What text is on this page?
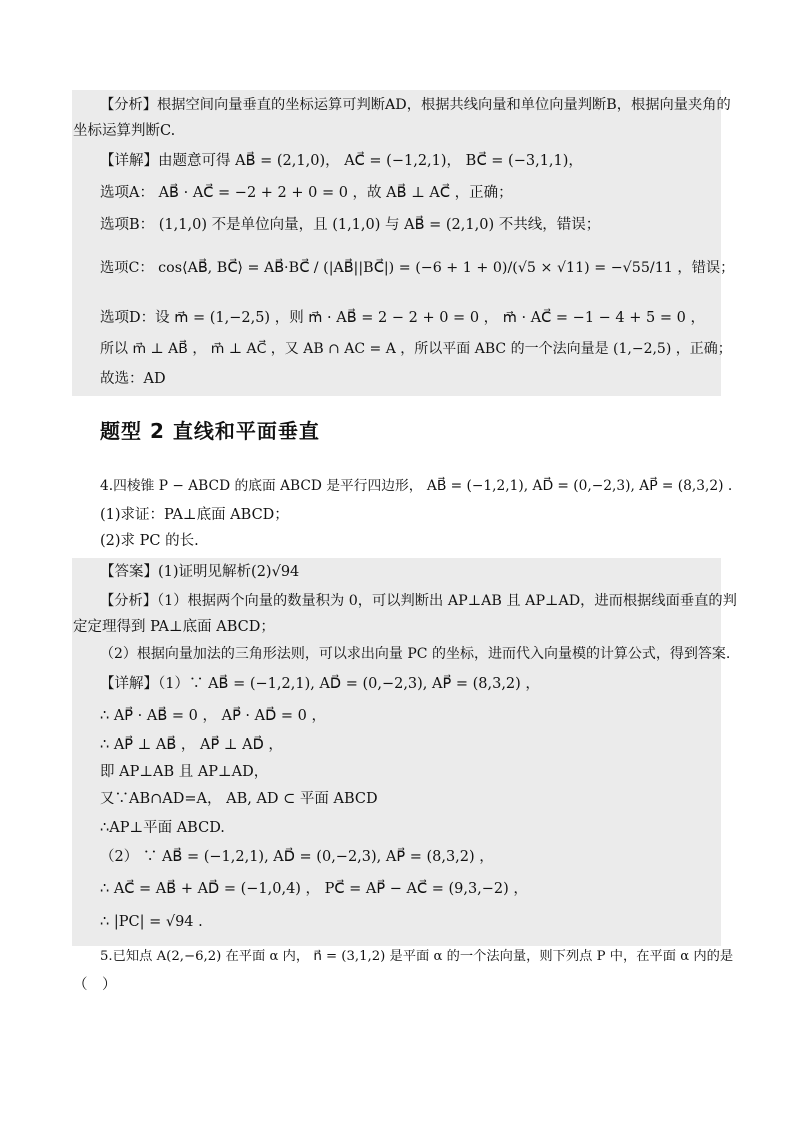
【分析】根据空间向量垂直的坐标运算可判断AD，根据共线向量和单位向量判断B，根据向量夹角的
坐标运算判断C.
【详解】由题意可得 AB⃗ = (2,1,0)， AC⃗ = (−1,2,1)， BC⃗ = (−3,1,1)，
选项A： AB⃗ · AC⃗ = −2 + 2 + 0 = 0 ，故 AB⃗ ⊥ AC⃗ ，正确；
选项B： (1,1,0) 不是单位向量，且 (1,1,0) 与 AB⃗ = (2,1,0) 不共线，错误；
选项C： cos⟨AB⃗, BC⃗⟩ = AB⃗·BC⃗ / (|AB⃗||BC⃗|) = (−6 + 1 + 0)/(√5 × √11) = −√55/11 ，错误；
选项D：设 m⃗ = (1,−2,5) ，则 m⃗ · AB⃗ = 2 − 2 + 0 = 0 ， m⃗ · AC⃗ = −1 − 4 + 5 = 0 ，
所以 m⃗ ⊥ AB⃗ ， m⃗ ⊥ AC⃗ ，又 AB ∩ AC = A ，所以平面 ABC 的一个法向量是 (1,−2,5) ，正确；
故选：AD
题型 2 直线和平面垂直
4.四棱锥 P − ABCD 的底面 ABCD 是平行四边形， AB⃗ = (−1,2,1), AD⃗ = (0,−2,3), AP⃗ = (8,3,2) .
(1)求证：PA⊥底面 ABCD；
(2)求 PC 的长.
【答案】(1)证明见解析(2)√94
【分析】（1）根据两个向量的数量积为 0，可以判断出 AP⊥AB 且 AP⊥AD，进而根据线面垂直的判
定定理得到 PA⊥底面 ABCD；
（2）根据向量加法的三角形法则，可以求出向量 PC 的坐标，进而代入向量模的计算公式，得到答案.
【详解】（1）∵ AB⃗ = (−1,2,1), AD⃗ = (0,−2,3), AP⃗ = (8,3,2) ，
∴ AP⃗ · AB⃗ = 0 ， AP⃗ · AD⃗ = 0 ，
∴ AP⃗ ⊥ AB⃗ ， AP⃗ ⊥ AD⃗ ，
即 AP⊥AB 且 AP⊥AD，
又∵AB∩AD=A， AB, AD ⊂ 平面 ABCD
∴AP⊥平面 ABCD.
（2） ∵ AB⃗ = (−1,2,1), AD⃗ = (0,−2,3), AP⃗ = (8,3,2) ，
∴ AC⃗ = AB⃗ + AD⃗ = (−1,0,4) ， PC⃗ = AP⃗ − AC⃗ = (9,3,−2) ，
∴ |PC| = √94 .
5.已知点 A(2,−6,2) 在平面 α 内， n⃗ = (3,1,2) 是平面 α 的一个法向量，则下列点 P 中，在平面 α 内的是
（　）
